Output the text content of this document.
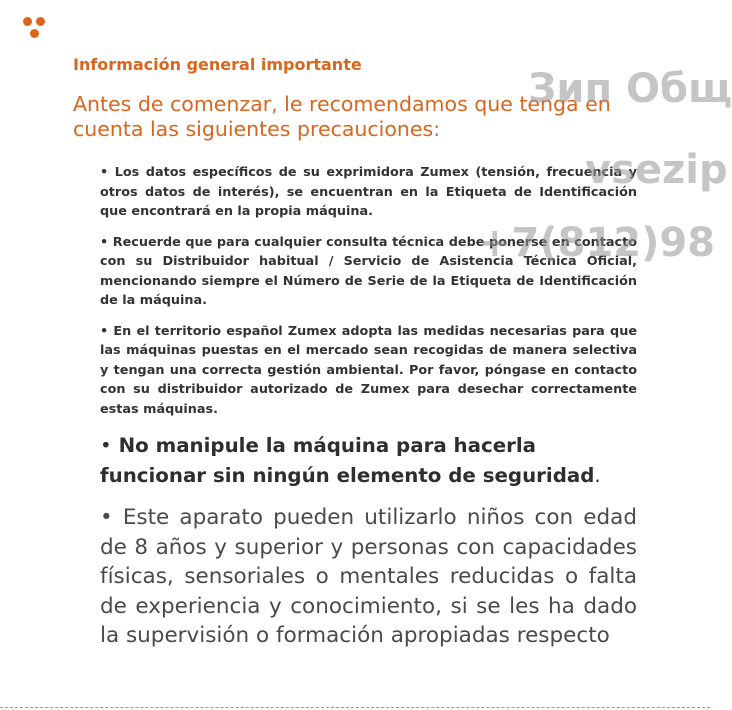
Información general importante
Antes de comenzar, le recomendamos que tenga en cuenta las siguientes precauciones:

• Los datos específicos de su exprimidora Zumex (tensión, frecuencia y otros datos de interés), se encuentran en la Etiqueta de Identificación que encontrará en la propia máquina.

• Recuerde que para cualquier consulta técnica debe ponerse en contacto con su Distribuidor habitual / Servicio de Asistencia Técnica Oficial, mencionando siempre el Número de Serie de la Etiqueta de Identificación de la máquina.

• En el territorio español Zumex adopta las medidas necesarias para que las máquinas puestas en el mercado sean recogidas de manera selectiva y tengan una correcta gestión ambiental. Por favor, póngase en contacto con su distribuidor autorizado de Zumex para desechar correctamente estas máquinas.

• No manipule la máquina para hacerla funcionar sin ningún elemento de seguridad.

• Este aparato pueden utilizarlo niños con edad de 8 años y superior y personas con capacidades físicas, sensoriales o mentales reducidas o falta de experiencia y conocimiento, si se les ha dado la supervisión o formación apropiadas respecto

Зип Общ
vsezip
+7(812)98
